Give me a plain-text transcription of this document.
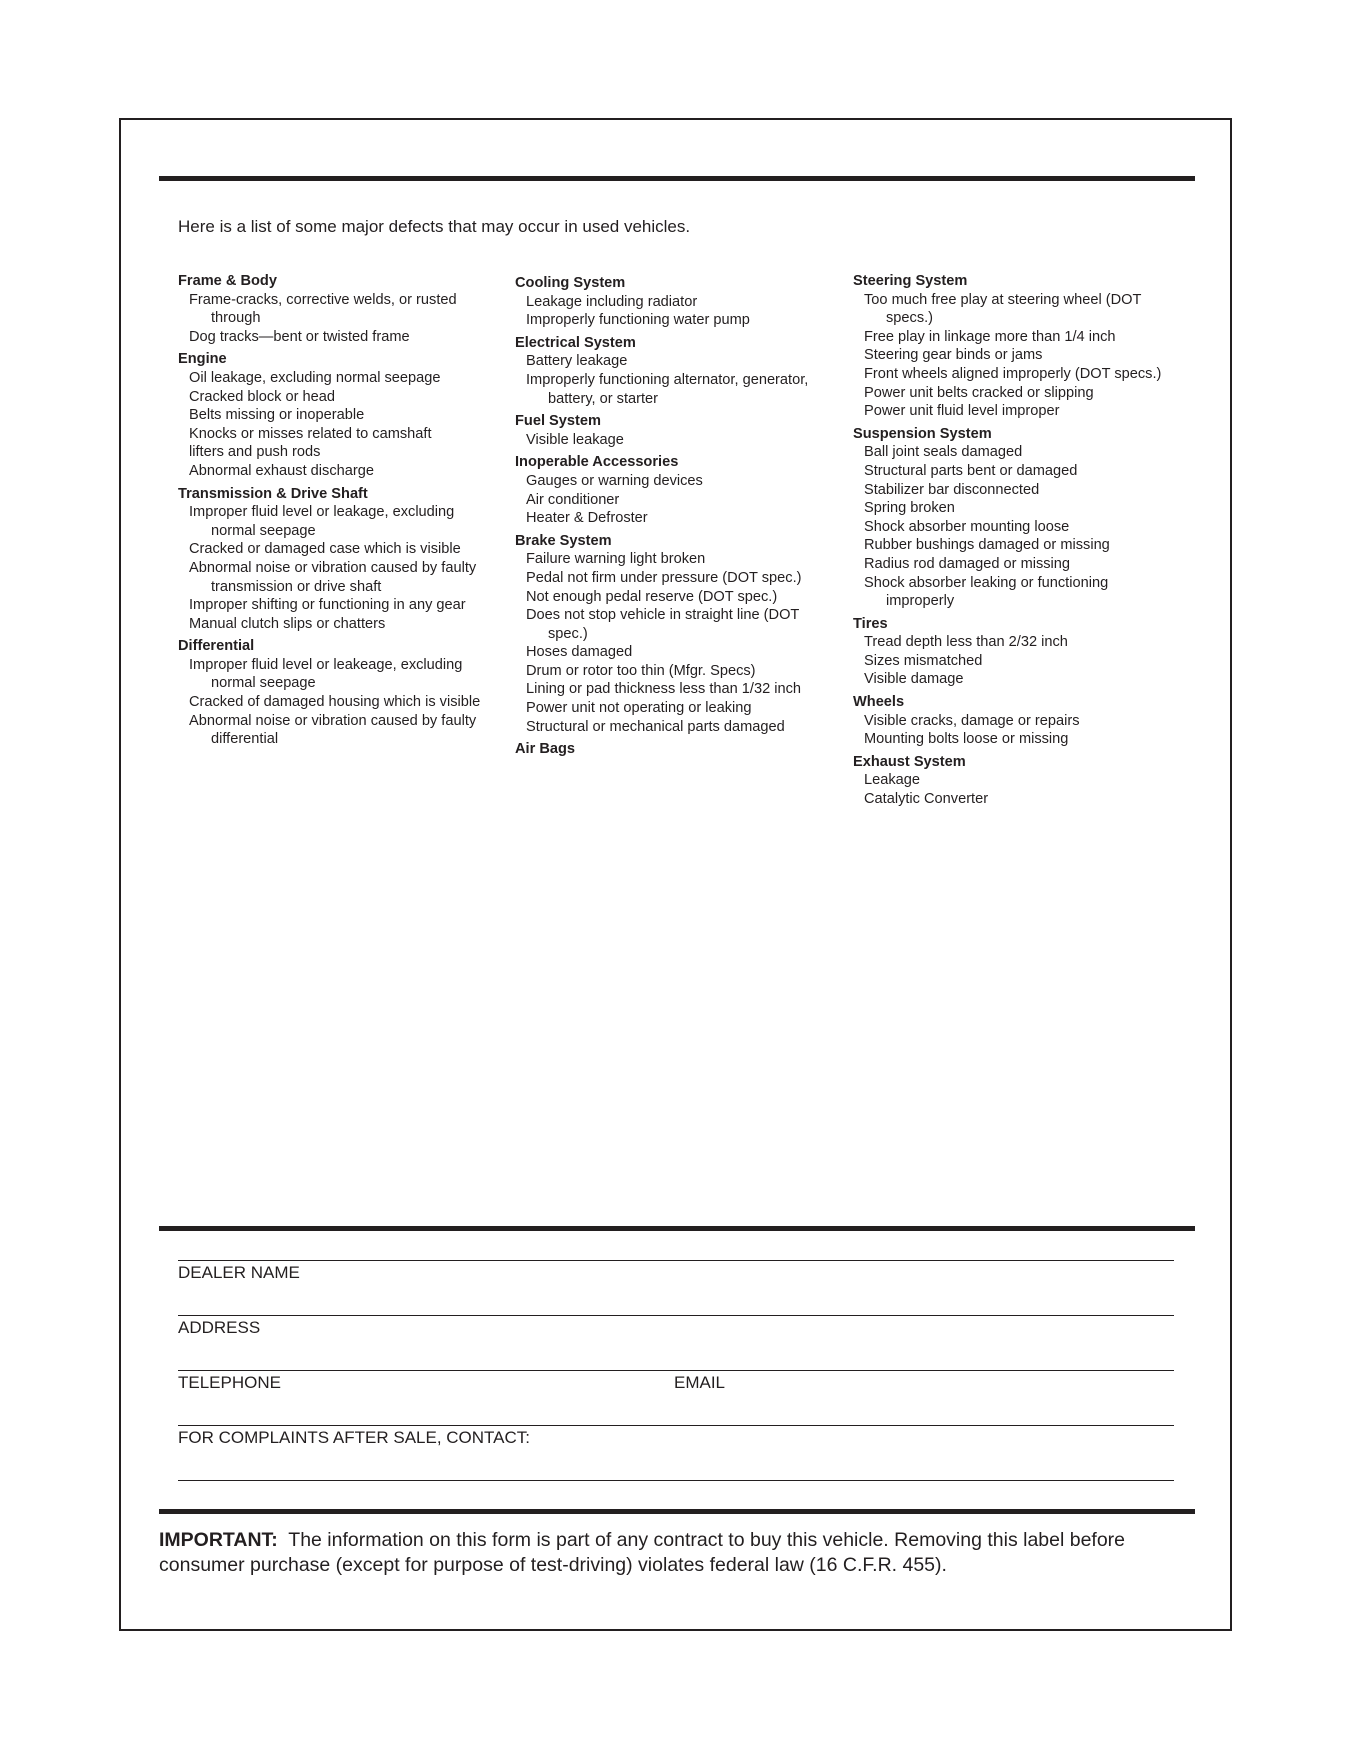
Here is a list of some major defects that may occur in used vehicles.
Frame & Body
Frame-cracks, corrective welds, or rusted through
Dog tracks—bent or twisted frame
Engine
Oil leakage, excluding normal seepage
Cracked block or head
Belts missing or inoperable
Knocks or misses related to camshaft
lifters and push rods
Abnormal exhaust discharge
Transmission & Drive Shaft
Improper fluid level or leakage, excluding normal seepage
Cracked or damaged case which is visible
Abnormal noise or vibration caused by faulty transmission or drive shaft
Improper shifting or functioning in any gear
Manual clutch slips or chatters
Differential
Improper fluid level or leakeage, excluding normal seepage
Cracked of damaged housing which is visible
Abnormal noise or vibration caused by faulty differential
Cooling System
Leakage including radiator
Improperly functioning water pump
Electrical System
Battery leakage
Improperly functioning alternator, generator, battery, or starter
Fuel System
Visible leakage
Inoperable Accessories
Gauges or warning devices
Air conditioner
Heater & Defroster
Brake System
Failure warning light broken
Pedal not firm under pressure (DOT spec.)
Not enough pedal reserve (DOT spec.)
Does not stop vehicle in straight line (DOT spec.)
Hoses damaged
Drum or rotor too thin (Mfgr. Specs)
Lining or pad thickness less than 1/32 inch
Power unit not operating or leaking
Structural or mechanical parts damaged
Air Bags
Steering System
Too much free play at steering wheel (DOT specs.)
Free play in linkage more than 1/4 inch
Steering gear binds or jams
Front wheels aligned improperly (DOT specs.)
Power unit belts cracked or slipping
Power unit fluid level improper
Suspension System
Ball joint seals damaged
Structural parts bent or damaged
Stabilizer bar disconnected
Spring broken
Shock absorber mounting loose
Rubber bushings damaged or missing
Radius rod damaged or missing
Shock absorber leaking or functioning improperly
Tires
Tread depth less than 2/32 inch
Sizes mismatched
Visible damage
Wheels
Visible cracks, damage or repairs
Mounting bolts loose or missing
Exhaust System
Leakage
Catalytic Converter
DEALER NAME
ADDRESS
TELEPHONE	EMAIL
FOR COMPLAINTS AFTER SALE, CONTACT:
IMPORTANT: The information on this form is part of any contract to buy this vehicle. Removing this label before consumer purchase (except for purpose of test-driving) violates federal law (16 C.F.R. 455).
